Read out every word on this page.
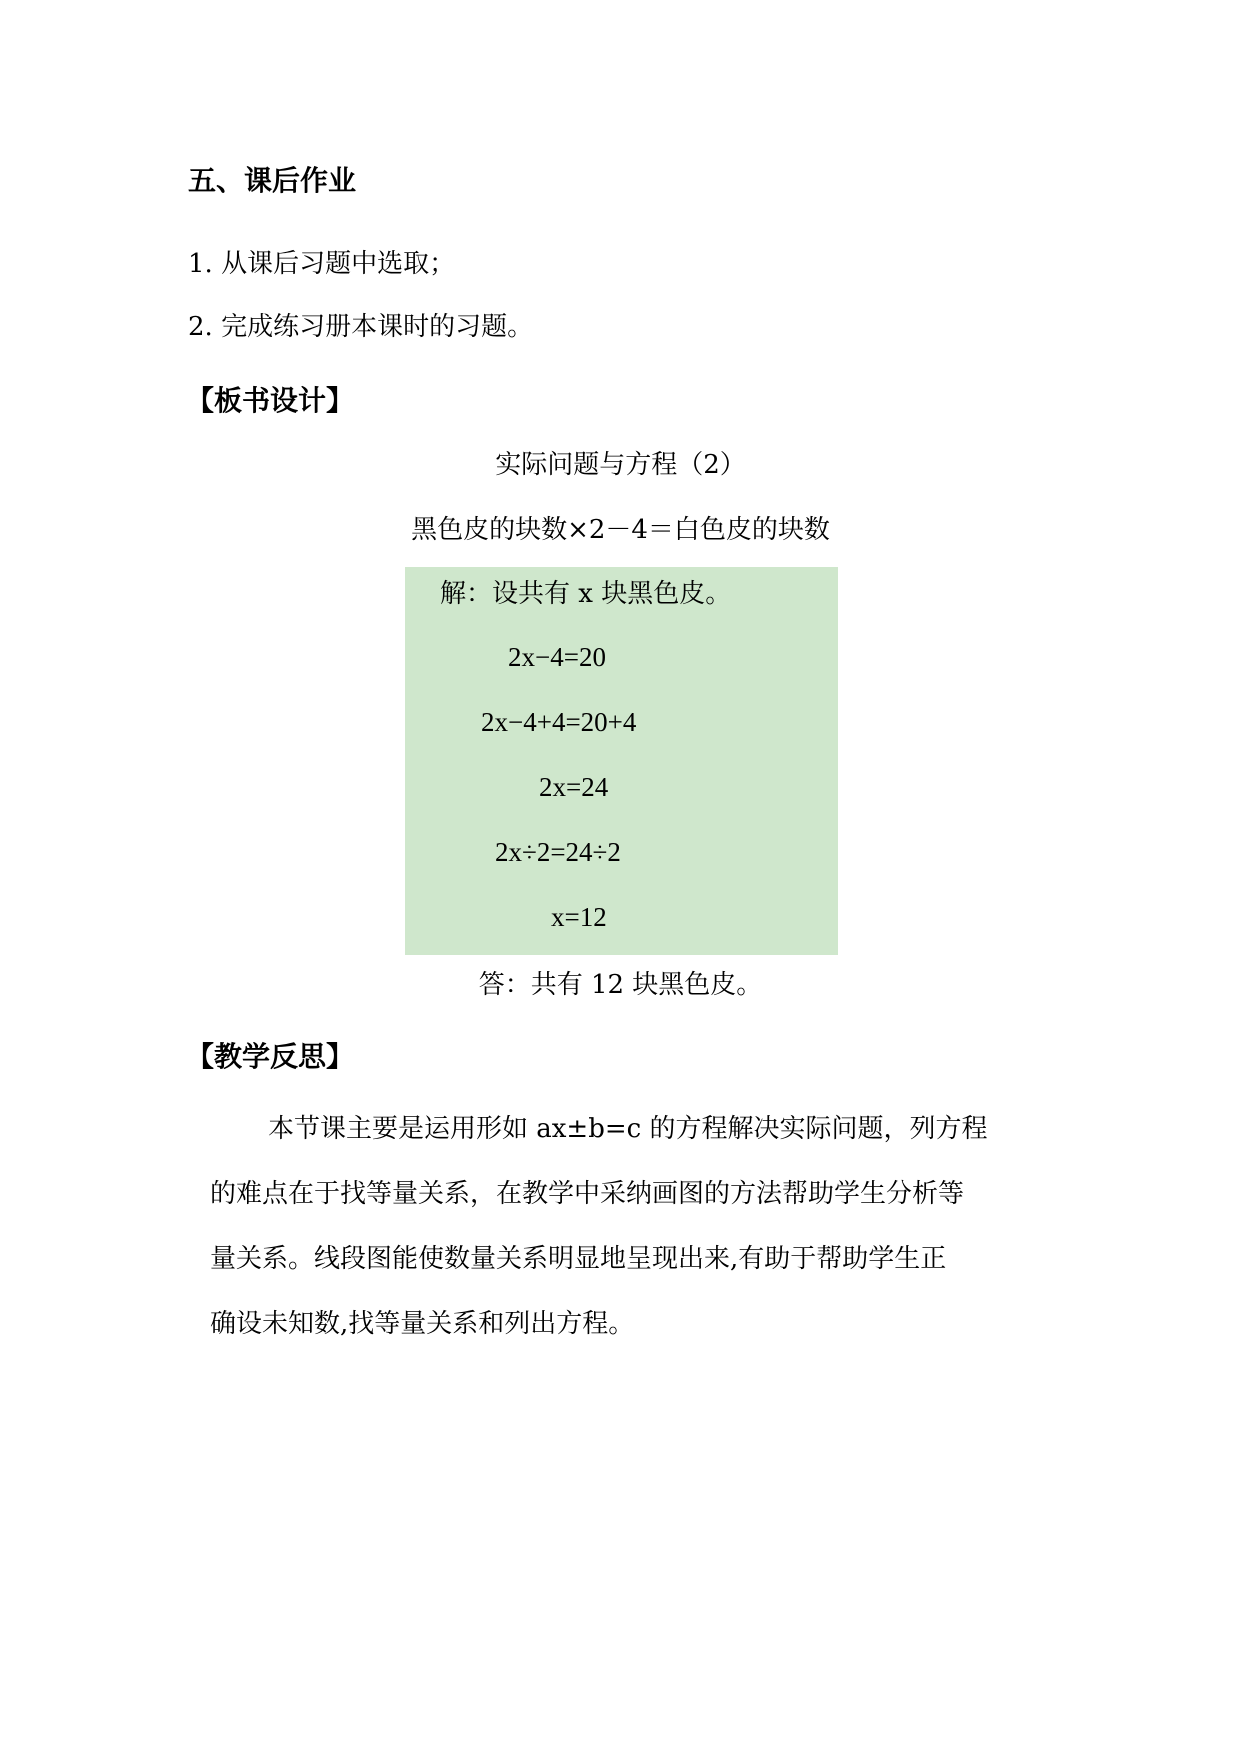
五、课后作业
1. 从课后习题中选取；
2. 完成练习册本课时的习题。
【板书设计】
实际问题与方程（2）
黑色皮的块数×2－4＝白色皮的块数
解：设共有 x 块黑色皮。
2x−4=20
2x−4+4=20+4
2x=24
2x÷2=24÷2
x=12
答：共有 12 块黑色皮。
【教学反思】
本节课主要是运用形如 ax±b=c 的方程解决实际问题，列方程
的难点在于找等量关系，在教学中采纳画图的方法帮助学生分析等
量关系。线段图能使数量关系明显地呈现出来,有助于帮助学生正
确设未知数,找等量关系和列出方程。
